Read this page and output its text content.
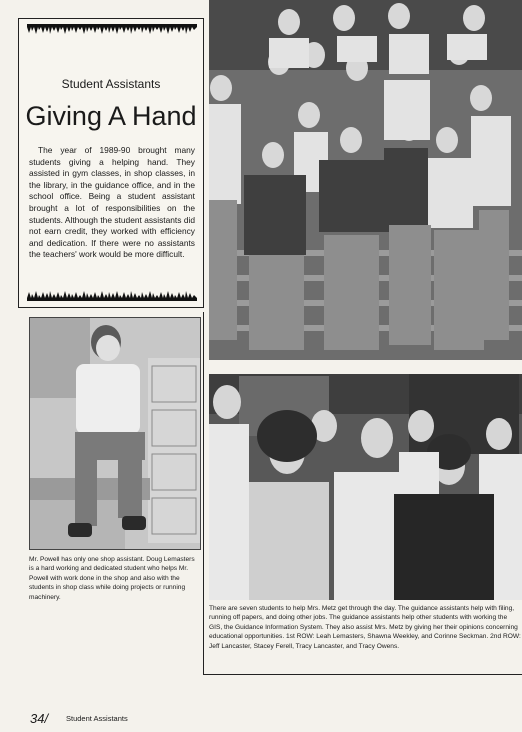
Student Assistants
Giving A Hand
The year of 1989-90 brought many students giving a helping hand. They assisted in gym classes, in shop classes, in the library, in the guidance office, and in the school office. Being a student assistant brought a lot of responsibilities on the students. Although the student assistants did not earn credit, they worked with efficiency and dedication. If there were no assistants the teachers' work would be more difficult.
Mr. Powell has only one shop assistant. Doug Lemasters is a hard working and dedicated student who helps Mr. Powell with work done in the shop and also with the students in shop class while doing projects or running machinery.
There are seven students to help Mrs. Metz get through the day. The guidance assistants help with filing, running off papers, and doing other jobs. The guidance assistants help other students with working the GIS, the Guidance Information System. They also assist Mrs. Metz by giving her their opinions concerning educational opportunities. 1st ROW: Leah Lemasters, Shawna Weekley, and Corinne Seckman. 2nd ROW: Jeff Lancaster, Stacey Ferell, Tracy Lancaster, and Tracy Owens.
34/ Student Assistants
